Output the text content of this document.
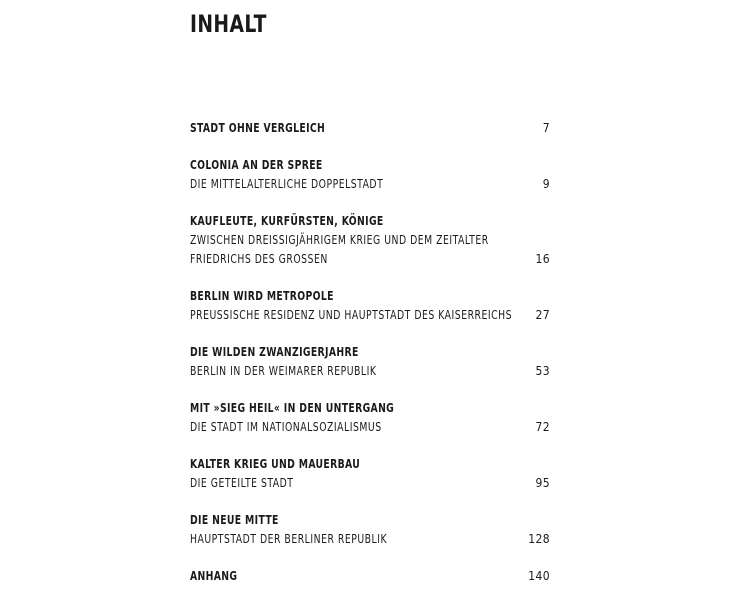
INHALT
STADT OHNE VERGLEICH	7
COLONIA AN DER SPREE
DIE MITTELALTERLICHE DOPPELSTADT	9
KAUFLEUTE, KURFÜRSTEN, KÖNIGE
ZWISCHEN DREISSIGJÄHRIGEM KRIEG UND DEM ZEITALTER
FRIEDRICHS DES GROSSEN	16
BERLIN WIRD METROPOLE
PREUSSISCHE RESIDENZ UND HAUPTSTADT DES KAISERREICHS 27
DIE WILDEN ZWANZIGERJAHRE
BERLIN IN DER WEIMARER REPUBLIK	53
MIT »SIEG HEIL« IN DEN UNTERGANG
DIE STADT IM NATIONALSOZIALISMUS	72
KALTER KRIEG UND MAUERBAU
DIE GETEILTE STADT	95
DIE NEUE MITTE
HAUPTSTADT DER BERLINER REPUBLIK	128
ANHANG	140
